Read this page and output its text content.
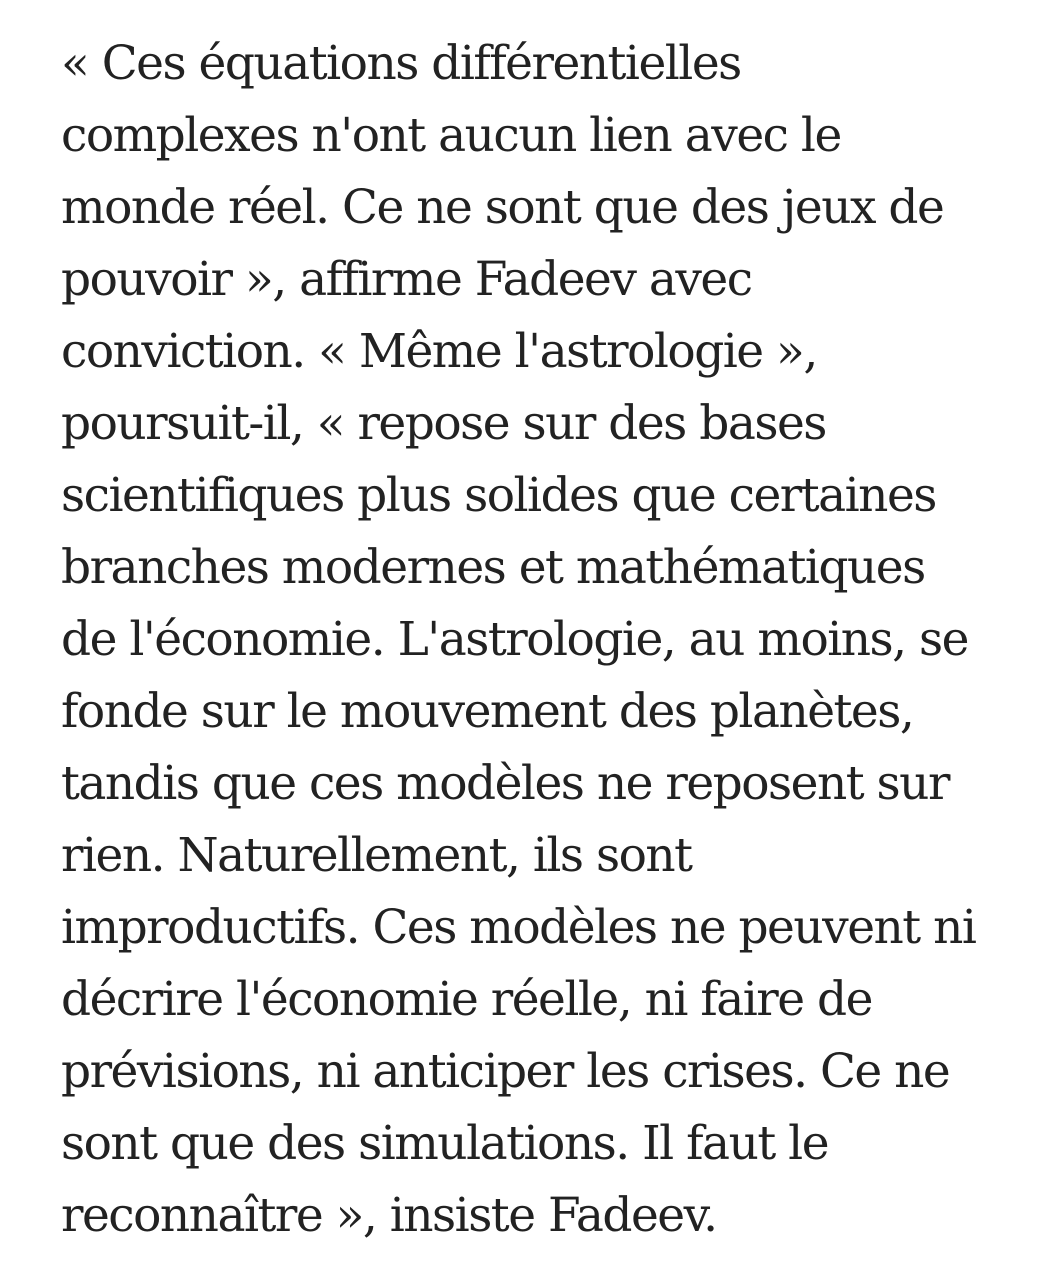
« Ces équations différentielles
complexes n'ont aucun lien avec le
monde réel. Ce ne sont que des jeux de
pouvoir », affirme Fadeev avec
conviction. « Même l'astrologie »,
poursuit-il, « repose sur des bases
scientifiques plus solides que certaines
branches modernes et mathématiques
de l'économie. L'astrologie, au moins, se
fonde sur le mouvement des planètes,
tandis que ces modèles ne reposent sur
rien. Naturellement, ils sont
improductifs. Ces modèles ne peuvent ni
décrire l'économie réelle, ni faire de
prévisions, ni anticiper les crises. Ce ne
sont que des simulations. Il faut le
reconnaître », insiste Fadeev.
